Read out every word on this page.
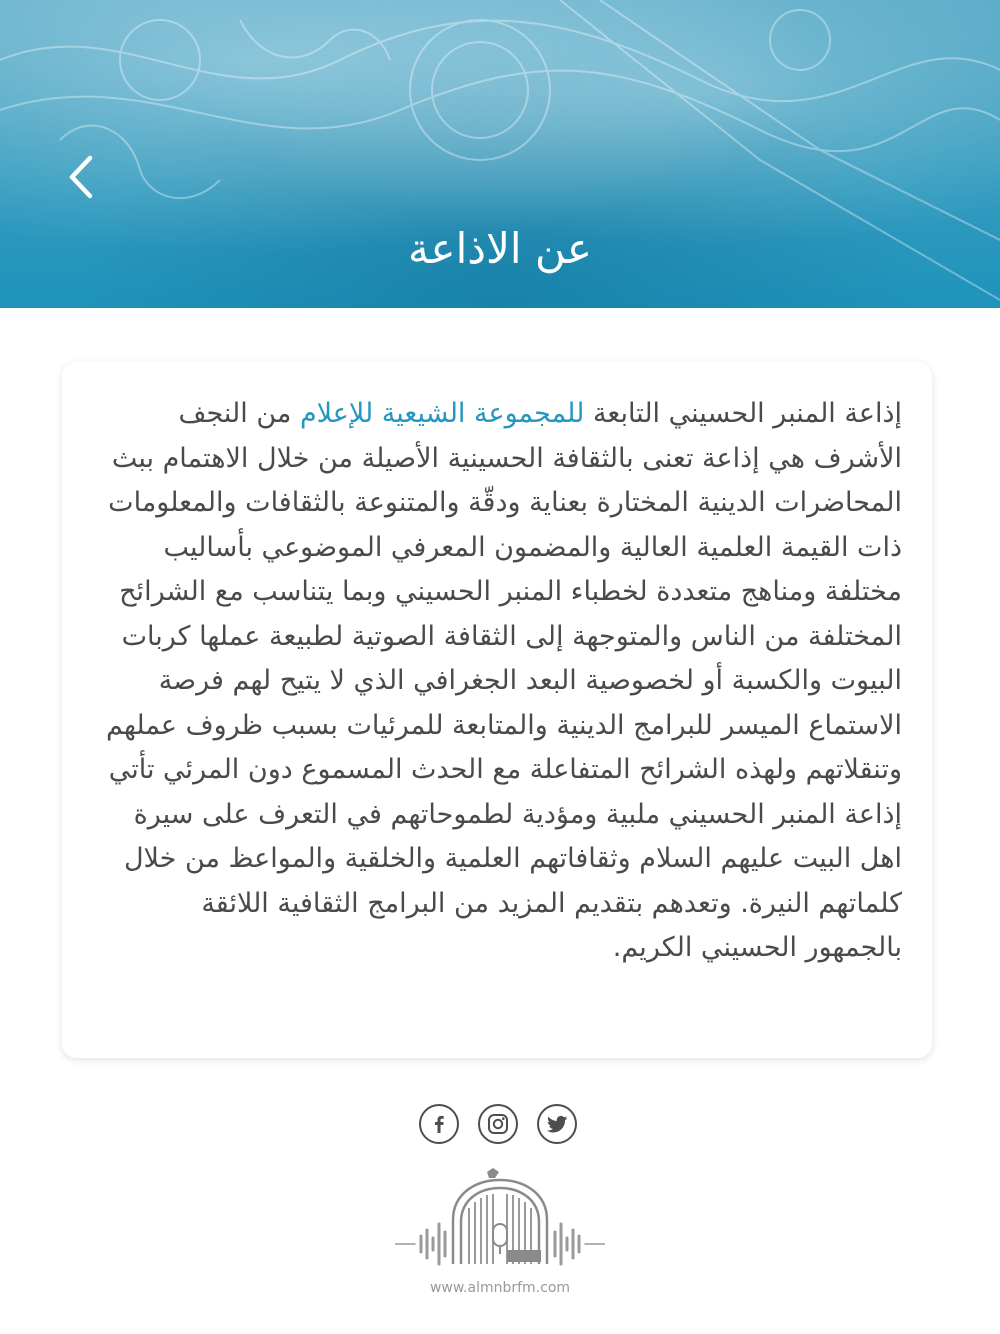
عن الاذاعة
إذاعة المنبر الحسيني التابعة للمجموعة الشيعية للإعلام من النجف الأشرف هي إذاعة تعنى بالثقافة الحسينية الأصيلة من خلال الاهتمام ببث المحاضرات الدينية المختارة بعناية ودقّة والمتنوعة بالثقافات والمعلومات ذات القيمة العلمية العالية والمضمون المعرفي الموضوعي بأساليب مختلفة ومناهج متعددة لخطباء المنبر الحسيني وبما يتناسب مع الشرائح المختلفة من الناس والمتوجهة إلى الثقافة الصوتية لطبيعة عملها كربات البيوت والكسبة أو لخصوصية البعد الجغرافي الذي لا يتيح لهم فرصة الاستماع الميسر للبرامج الدينية والمتابعة للمرئيات بسبب ظروف عملهم وتنقلاتهم ولهذه الشرائح المتفاعلة مع الحدث المسموع دون المرئي تأتي إذاعة المنبر الحسيني ملبية ومؤدية لطموحاتهم في التعرف على سيرة اهل البيت عليهم السلام وثقافاتهم العلمية والخلقية والمواعظ من خلال كلماتهم النيرة. وتعدهم بتقديم المزيد من البرامج الثقافية اللائقة بالجمهور الحسيني الكريم.
www.almnbrfm.com
